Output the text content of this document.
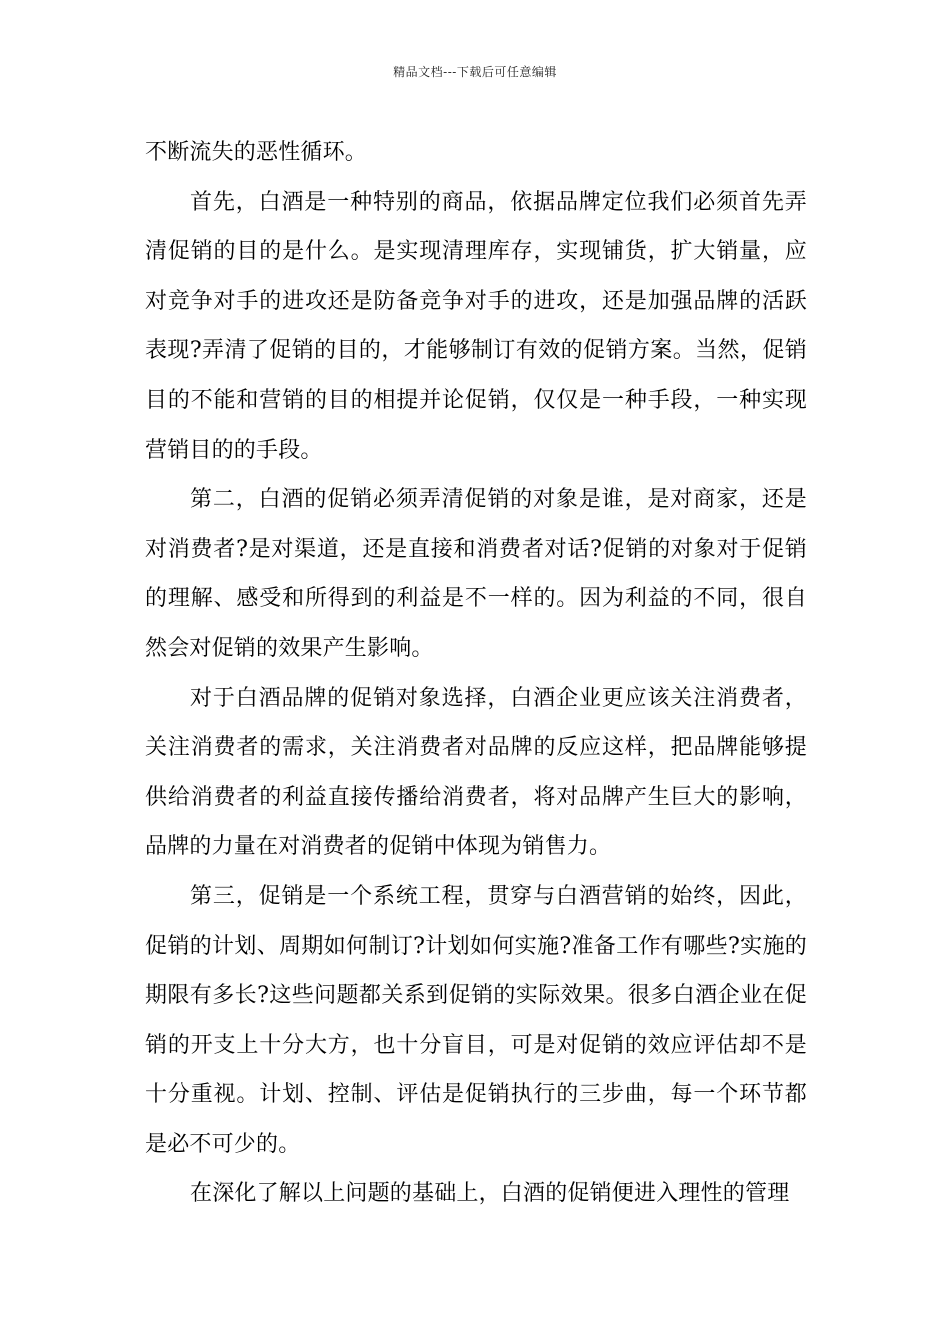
精品文档---下载后可任意编辑

不断流失的恶性循环。

首先，白酒是一种特别的商品，依据品牌定位我们必须首先弄清促销的目的是什么。是实现清理库存，实现铺货，扩大销量，应对竞争对手的进攻还是防备竞争对手的进攻，还是加强品牌的活跃表现?弄清了促销的目的，才能够制订有效的促销方案。当然，促销目的不能和营销的目的相提并论促销，仅仅是一种手段，一种实现营销目的的手段。

第二，白酒的促销必须弄清促销的对象是谁，是对商家，还是对消费者?是对渠道，还是直接和消费者对话?促销的对象对于促销的理解、感受和所得到的利益是不一样的。因为利益的不同，很自然会对促销的效果产生影响。

对于白酒品牌的促销对象选择，白酒企业更应该关注消费者，关注消费者的需求，关注消费者对品牌的反应这样，把品牌能够提供给消费者的利益直接传播给消费者，将对品牌产生巨大的影响，品牌的力量在对消费者的促销中体现为销售力。

第三，促销是一个系统工程，贯穿与白酒营销的始终，因此，促销的计划、周期如何制订?计划如何实施?准备工作有哪些?实施的期限有多长?这些问题都关系到促销的实际效果。很多白酒企业在促销的开支上十分大方，也十分盲目，可是对促销的效应评估却不是十分重视。计划、控制、评估是促销执行的三步曲，每一个环节都是必不可少的。

在深化了解以上问题的基础上，白酒的促销便进入理性的管理
